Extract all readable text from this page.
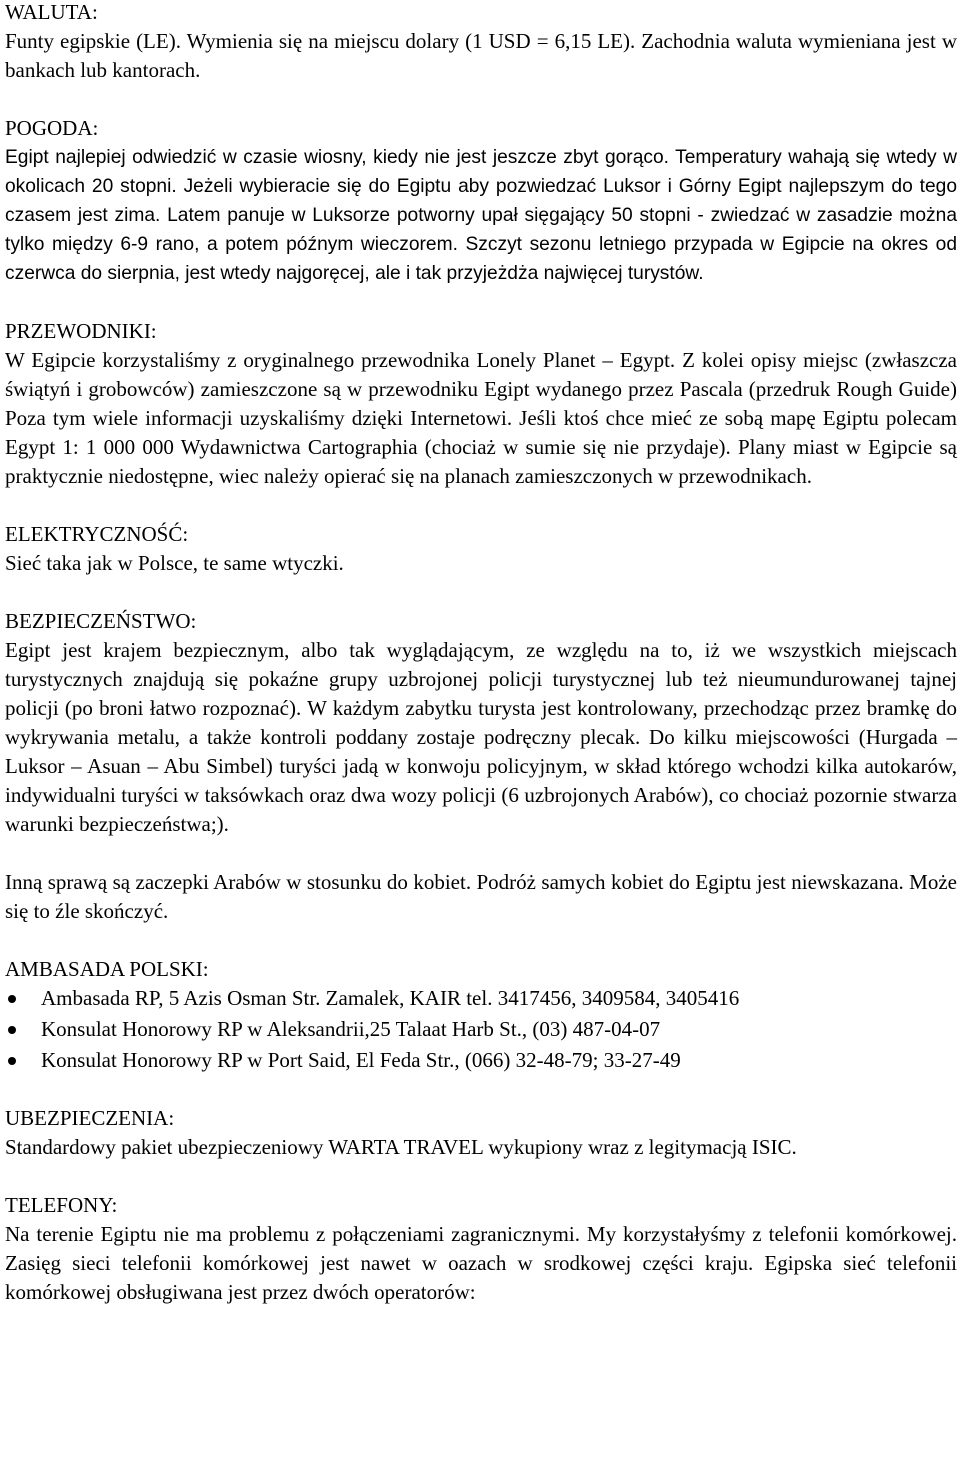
WALUTA:
Funty egipskie (LE). Wymienia się na miejscu dolary (1 USD = 6,15 LE). Zachodnia waluta wymieniana jest w bankach lub kantorach.
POGODA:
Egipt najlepiej odwiedzić w czasie wiosny, kiedy nie jest jeszcze zbyt gorąco. Temperatury wahają się wtedy w okolicach 20 stopni. Jeżeli wybieracie się do Egiptu aby pozwiedzać Luksor i Górny Egipt najlepszym do tego czasem jest zima. Latem panuje w Luksorze potworny upał sięgający 50 stopni - zwiedzać w zasadzie można tylko między 6-9 rano, a potem późnym wieczorem. Szczyt sezonu letniego przypada w Egipcie na okres od czerwca do sierpnia, jest wtedy najgoręcej, ale i tak przyjeżdża najwięcej turystów.
PRZEWODNIKI:
W Egipcie korzystaliśmy z oryginalnego przewodnika Lonely Planet – Egypt. Z kolei opisy miejsc (zwłaszcza świątyń i grobowców) zamieszczone są w przewodniku Egipt wydanego przez Pascala (przedruk Rough Guide) Poza tym wiele informacji uzyskaliśmy dzięki Internetowi. Jeśli ktoś chce mieć ze sobą mapę Egiptu polecam Egypt 1: 1 000 000 Wydawnictwa Cartographia (chociaż w sumie się nie przydaje). Plany miast w Egipcie są praktycznie niedostępne, wiec należy opierać się na planach zamieszczonych w przewodnikach.
ELEKTRYCZNOŚĆ:
Sieć taka jak w Polsce, te same wtyczki.
BEZPIECZEŃSTWO:
Egipt jest krajem bezpiecznym, albo tak wyglądającym, ze względu na to, iż we wszystkich miejscach turystycznych znajdują się pokaźne grupy uzbrojonej policji turystycznej lub też nieumundurowanej tajnej policji (po broni łatwo rozpoznać). W każdym zabytku turysta jest kontrolowany, przechodząc przez bramkę do wykrywania metalu, a także kontroli poddany zostaje podręczny plecak. Do kilku miejscowości (Hurgada – Luksor – Asuan – Abu Simbel) turyści jadą w konwoju policyjnym, w skład którego wchodzi kilka autokarów, indywidualni turyści w taksówkach oraz dwa wozy policji (6 uzbrojonych Arabów), co chociaż pozornie stwarza warunki bezpieczeństwa;).
Inną sprawą są zaczepki Arabów w stosunku do kobiet. Podróż samych kobiet do Egiptu jest niewskazana. Może się to źle skończyć.
AMBASADA POLSKI:
Ambasada RP, 5 Azis Osman Str. Zamalek, KAIR tel. 3417456, 3409584, 3405416
Konsulat Honorowy RP w Aleksandrii,25 Talaat Harb St., (03) 487-04-07
Konsulat Honorowy RP w Port Said, El Feda Str., (066) 32-48-79; 33-27-49
UBEZPIECZENIA:
Standardowy pakiet ubezpieczeniowy WARTA TRAVEL wykupiony wraz z legitymacją ISIC.
TELEFONY:
Na terenie Egiptu nie ma problemu z połączeniami zagranicznymi. My korzystałyśmy z telefonii komórkowej. Zasięg sieci telefonii komórkowej jest nawet w oazach w srodkowej części kraju. Egipska sieć telefonii komórkowej obsługiwana jest przez dwóch operatorów:
